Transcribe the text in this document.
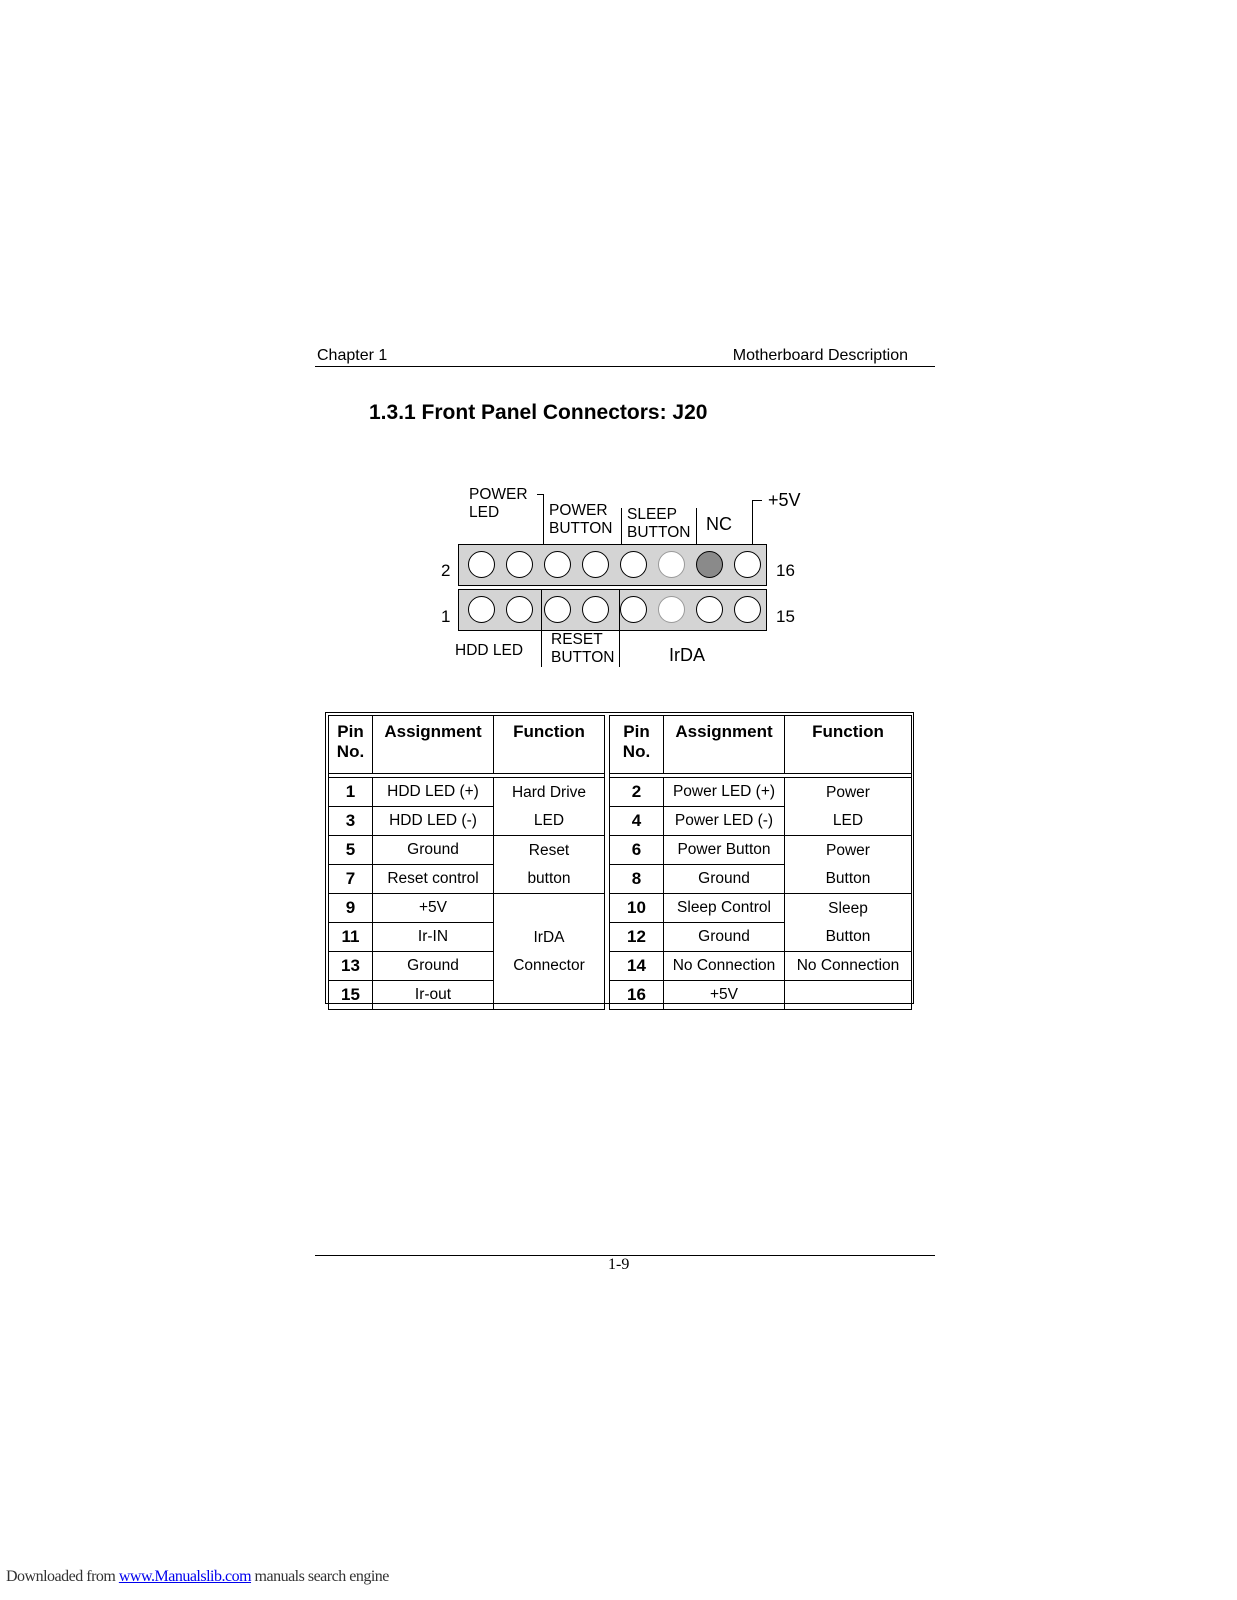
Chapter 1	Motherboard Description
1.3.1 Front Panel Connectors: J20
POWER
LED	POWER
BUTTON
SLEEP
BUTTON NC
+5V
2	16
1	15
HDD LED
RESET
BUTTON	IrDA
Pin
No.	Assignment	Function

1	HDD LED (+)	Hard Drive
LED

3	HDD LED (-)	
5	Ground	Reset
button

7	Reset control	
9	+5V	IrDA
Connector

11	Ir-IN	
13	Ground	
15	Ir-out	
Pin
No.	Assignment	Function

2	Power LED (+)	Power
LED

4	Power LED (-)	
6	Power Button	Power
Button

8	Ground	
10	Sleep Control	Sleep
Button

12	Ground	
14	No Connection	No Connection

16	+5V	

1-9
Downloaded from www.Manualslib.com manuals search engine
